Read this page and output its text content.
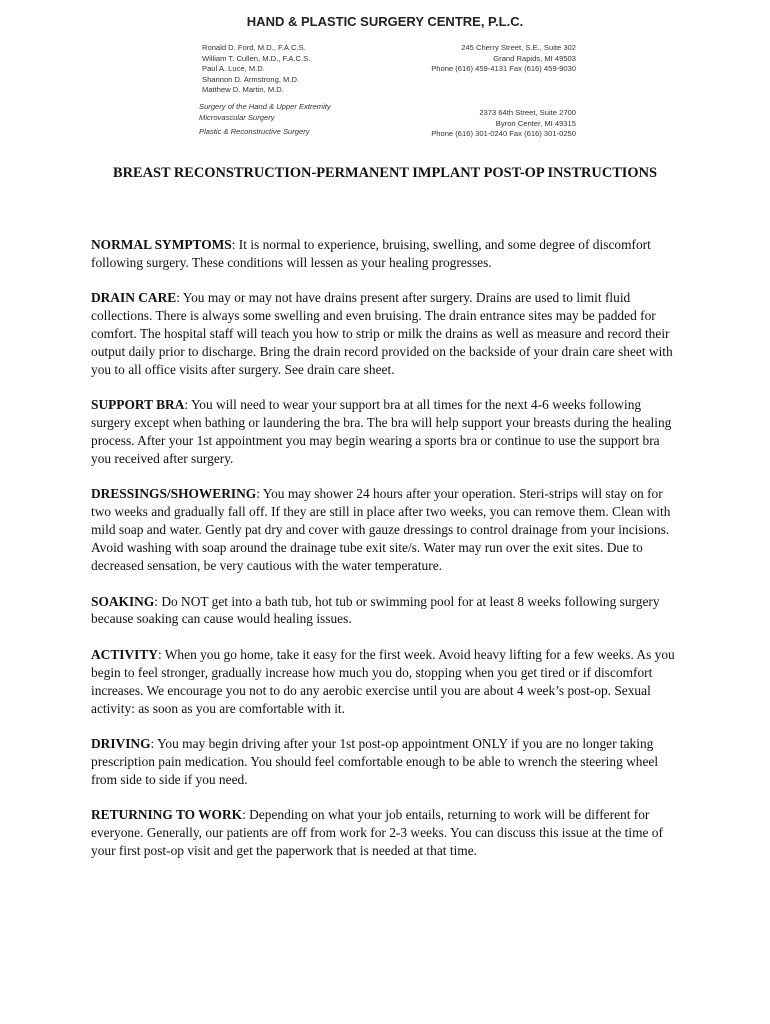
HAND & PLASTIC SURGERY CENTRE, P.L.C.
Ronald D. Ford, M.D., F.A.C.S.
William T. Cullen, M.D., F.A.C.S.
Paul A. Luce, M.D.
Shannon D. Armstrong, M.D.
Matthew D. Martin, M.D.
Surgery of the Hand & Upper Extremity
Microvascular Surgery
Plastic & Reconstructive Surgery
245 Cherry Street, S.E., Suite 302
Grand Rapids, MI 49503
Phone (616) 459-4131 Fax (616) 459-9030
2373 64th Street, Suite 2700
Byron Center, MI 49315
Phone (616) 301-0240 Fax (616) 301-0250
BREAST RECONSTRUCTION-PERMANENT IMPLANT POST-OP INSTRUCTIONS

NORMAL SYMPTOMS: It is normal to experience, bruising, swelling, and some degree of discomfort following surgery. These conditions will lessen as your healing progresses.

DRAIN CARE: You may or may not have drains present after surgery. Drains are used to limit fluid collections. There is always some swelling and even bruising. The drain entrance sites may be padded for comfort. The hospital staff will teach you how to strip or milk the drains as well as measure and record their output daily prior to discharge. Bring the drain record provided on the backside of your drain care sheet with you to all office visits after surgery. See drain care sheet.

SUPPORT BRA: You will need to wear your support bra at all times for the next 4-6 weeks following surgery except when bathing or laundering the bra. The bra will help support your breasts during the healing process. After your 1st appointment you may begin wearing a sports bra or continue to use the support bra you received after surgery.

DRESSINGS/SHOWERING: You may shower 24 hours after your operation. Steri-strips will stay on for two weeks and gradually fall off. If they are still in place after two weeks, you can remove them. Clean with mild soap and water. Gently pat dry and cover with gauze dressings to control drainage from your incisions. Avoid washing with soap around the drainage tube exit site/s. Water may run over the exit sites. Due to decreased sensation, be very cautious with the water temperature.

SOAKING: Do NOT get into a bath tub, hot tub or swimming pool for at least 8 weeks following surgery because soaking can cause would healing issues.

ACTIVITY: When you go home, take it easy for the first week. Avoid heavy lifting for a few weeks. As you begin to feel stronger, gradually increase how much you do, stopping when you get tired or if discomfort increases. We encourage you not to do any aerobic exercise until you are about 4 week’s post-op. Sexual activity: as soon as you are comfortable with it.

DRIVING: You may begin driving after your 1st post-op appointment ONLY if you are no longer taking prescription pain medication. You should feel comfortable enough to be able to wrench the steering wheel from side to side if you need.

RETURNING TO WORK: Depending on what your job entails, returning to work will be different for everyone. Generally, our patients are off from work for 2-3 weeks. You can discuss this issue at the time of your first post-op visit and get the paperwork that is needed at that time.
